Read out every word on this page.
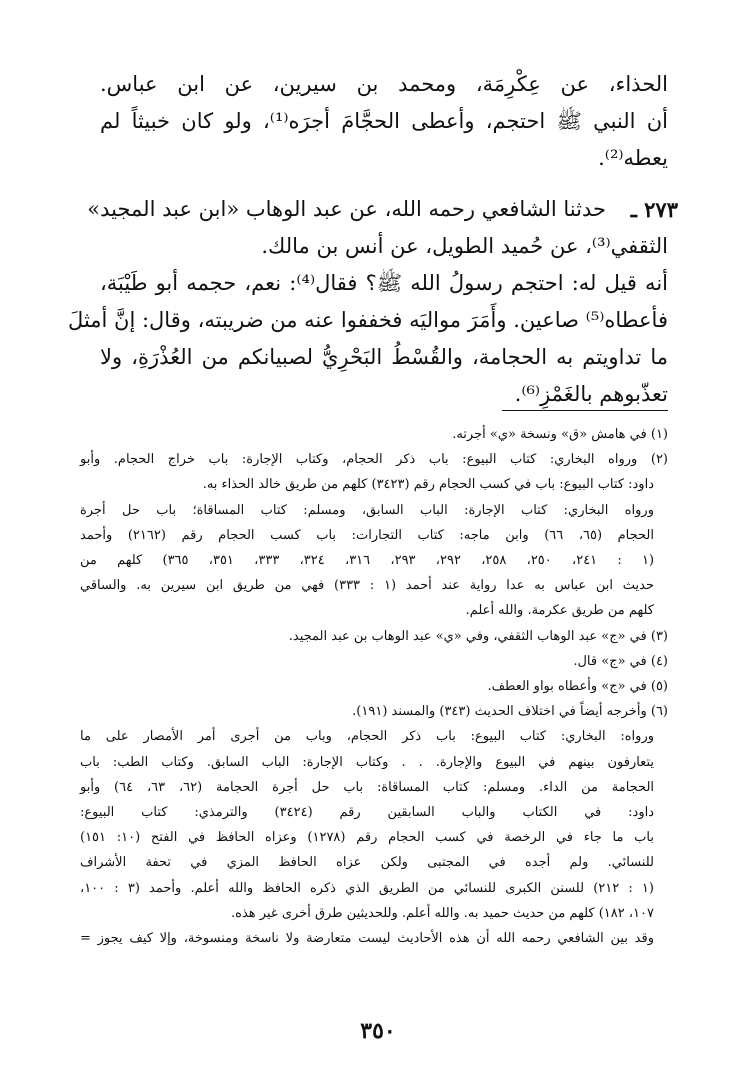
الحذاء، عن عِكْرِمَة، ومحمد بن سيرين، عن ابن عباس.
أن النبي ﷺ احتجم، وأعطى الحجَّامَ أجرَه⁽¹⁾، ولو كان خبيثاً لم
يعطه⁽²⁾.
٢٧٣ ـ
حدثنا الشافعي رحمه الله، عن عبد الوهاب «ابن عبد المجيد»
الثقفي⁽³⁾، عن حُميد الطويل، عن أنس بن مالك.
أنه قيل له: احتجم رسولُ الله ﷺ؟ فقال⁽⁴⁾: نعم، حجمه أبو طَيْبَة،
فأعطاه⁽⁵⁾ صاعين. وأَمَرَ مواليَه فخففوا عنه من ضريبته، وقال: إنَّ أمثلَ
ما تداويتم به الحجامة، والقُسْطُ البَحْرِيُّ لصبيانكم من العُذْرَةِ، ولا
تعذّبوهم بالغَمْزِ⁽⁶⁾.
(١) في هامش «ق» ونسخة «ي» أجرته.
(٢) ورواه البخاري: كتاب البيوع: باب ذكر الحجام، وكتاب الإجارة: باب خراج الحجام. وأبو
داود: كتاب البيوع: باب في كسب الحجام رقم (٣٤٢٣) كلهم من طريق خالد الحذاء به.
ورواه البخاري: كتاب الإجارة: الباب السابق، ومسلم: كتاب المساقاة؛ باب حل أجرة
الحجام (٦٥، ٦٦) وابن ماجه: كتاب التجارات: باب كسب الحجام رقم (٢١٦٢) وأحمد
(١ : ٢٤١، ٢٥٠، ٢٥٨، ٢٩٢، ٢٩٣، ٣١٦، ٣٢٤، ٣٣٣، ٣٥١، ٣٦٥) كلهم من
حديث ابن عباس به عدا رواية عند أحمد (١ : ٣٣٣) فهي من طريق ابن سيرين به. والساقي
كلهم من طريق عكرمة. والله أعلم.
(٣) في «ج» عبد الوهاب الثقفي، وفي «ي» عبد الوهاب بن عبد المجيد.
(٤) في «ج» قال.
(٥) في «ج» وأعطاه بواو العطف.
(٦) وأخرجه أيضاً في اختلاف الحديث (٣٤٣) والمسند (١٩١).
ورواه: البخاري: كتاب البيوع: باب ذكر الحجام، وباب من أجرى أمر الأمصار على ما
يتعارفون بينهم في البيوع والإجارة. . . وكتاب الإجارة: الباب السابق. وكتاب الطب: باب
الحجامة من الداء. ومسلم: كتاب المساقاة: باب حل أجرة الحجامة (٦٢، ٦٣، ٦٤) وأبو
داود: في الكتاب والباب السابقين رقم (٣٤٢٤) والترمذي: كتاب البيوع:
باب ما جاء في الرخصة في كسب الحجام رقم (١٢٧٨) وعزاه الحافظ في الفتح (١٠: ١٥١)
للنسائي. ولم أجده في المجتبى ولكن عزاه الحافظ المزي في تحفة الأشراف
(١ : ٢١٢) للسنن الكبرى للنسائي من الطريق الذي ذكره الحافظ والله أعلم. وأحمد (٣ : ١٠٠،
١٠٧، ١٨٢) كلهم من حديث حميد به. والله أعلم. وللحديثين طرق أخرى غير هذه.
وقد بين الشافعي رحمه الله أن هذه الأحاديث ليست متعارضة ولا ناسخة ومنسوخة، وإلا كيف يجوز =
٣٥٠
